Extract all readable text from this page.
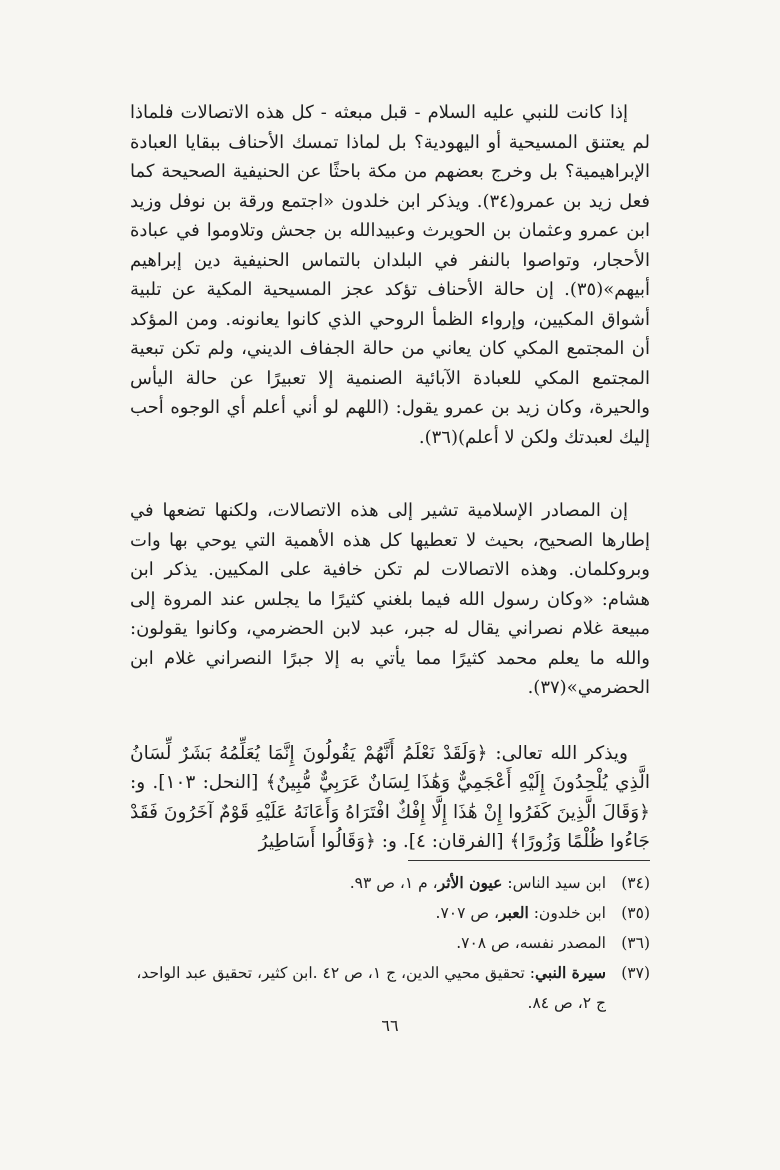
إذا كانت للنبي عليه السلام - قبل مبعثه - كل هذه الاتصالات فلماذا لم يعتنق المسيحية أو اليهودية؟ بل لماذا تمسك الأحناف ببقايا العبادة الإبراهيمية؟ بل وخرج بعضهم من مكة باحثًا عن الحنيفية الصحيحة كما فعل زيد بن عمرو(٣٤). ويذكر ابن خلدون «اجتمع ورقة بن نوفل وزيد ابن عمرو وعثمان بن الحويرث وعبيدالله بن جحش وتلاوموا في عبادة الأحجار، وتواصوا بالنفر في البلدان بالتماس الحنيفية دين إبراهيم أبيهم»(٣٥). إن حالة الأحناف تؤكد عجز المسيحية المكية عن تلبية أشواق المكيين، وإرواء الظمأ الروحي الذي كانوا يعانونه. ومن المؤكد أن المجتمع المكي كان يعاني من حالة الجفاف الديني، ولم تكن تبعية المجتمع المكي للعبادة الآبائية الصنمية إلا تعبيرًا عن حالة اليأس والحيرة، وكان زيد بن عمرو يقول: (اللهم لو أني أعلم أي الوجوه أحب إليك لعبدتك ولكن لا أعلم)(٣٦).

إن المصادر الإسلامية تشير إلى هذه الاتصالات، ولكنها تضعها في إطارها الصحيح، بحيث لا تعطيها كل هذه الأهمية التي يوحي بها وات وبروكلمان. وهذه الاتصالات لم تكن خافية على المكيين. يذكر ابن هشام: «وكان رسول الله فيما بلغني كثيرًا ما يجلس عند المروة إلى مبيعة غلام نصراني يقال له جبر، عبد لابن الحضرمي، وكانوا يقولون: والله ما يعلم محمد كثيرًا مما يأتي به إلا جبرًا النصراني غلام ابن الحضرمي»(٣٧).

ويذكر الله تعالى: ﴿وَلَقَدْ نَعْلَمُ أَنَّهُمْ يَقُولُونَ إِنَّمَا يُعَلِّمُهُ بَشَرٌ لِّسَانُ الَّذِي يُلْحِدُونَ إِلَيْهِ أَعْجَمِيٌّ وَهَٰذَا لِسَانٌ عَرَبِيٌّ مُّبِينٌ﴾ [النحل: ١٠٣]. و: ﴿وَقَالَ الَّذِينَ كَفَرُوا إِنْ هَٰذَا إِلَّا إِفْكٌ افْتَرَاهُ وَأَعَانَهُ عَلَيْهِ قَوْمٌ آخَرُونَ فَقَدْ جَاءُوا ظُلْمًا وَزُورًا﴾ [الفرقان: ٤]. و: ﴿وَقَالُوا أَسَاطِيرُ

(٣٤)
ابن سيد الناس: عيون الأثر، م ١، ص ٩٣.
(٣٥)
ابن خلدون: العبر، ص ٧٠٧.
(٣٦)
المصدر نفسه، ص ٧٠٨.
(٣٧)
سيرة النبي: تحقيق محيي الدين، ج ١، ص ٤٢ .ابن كثير، تحقيق عبد الواحد، ج ٢، ص ٨٤.
٦٦
